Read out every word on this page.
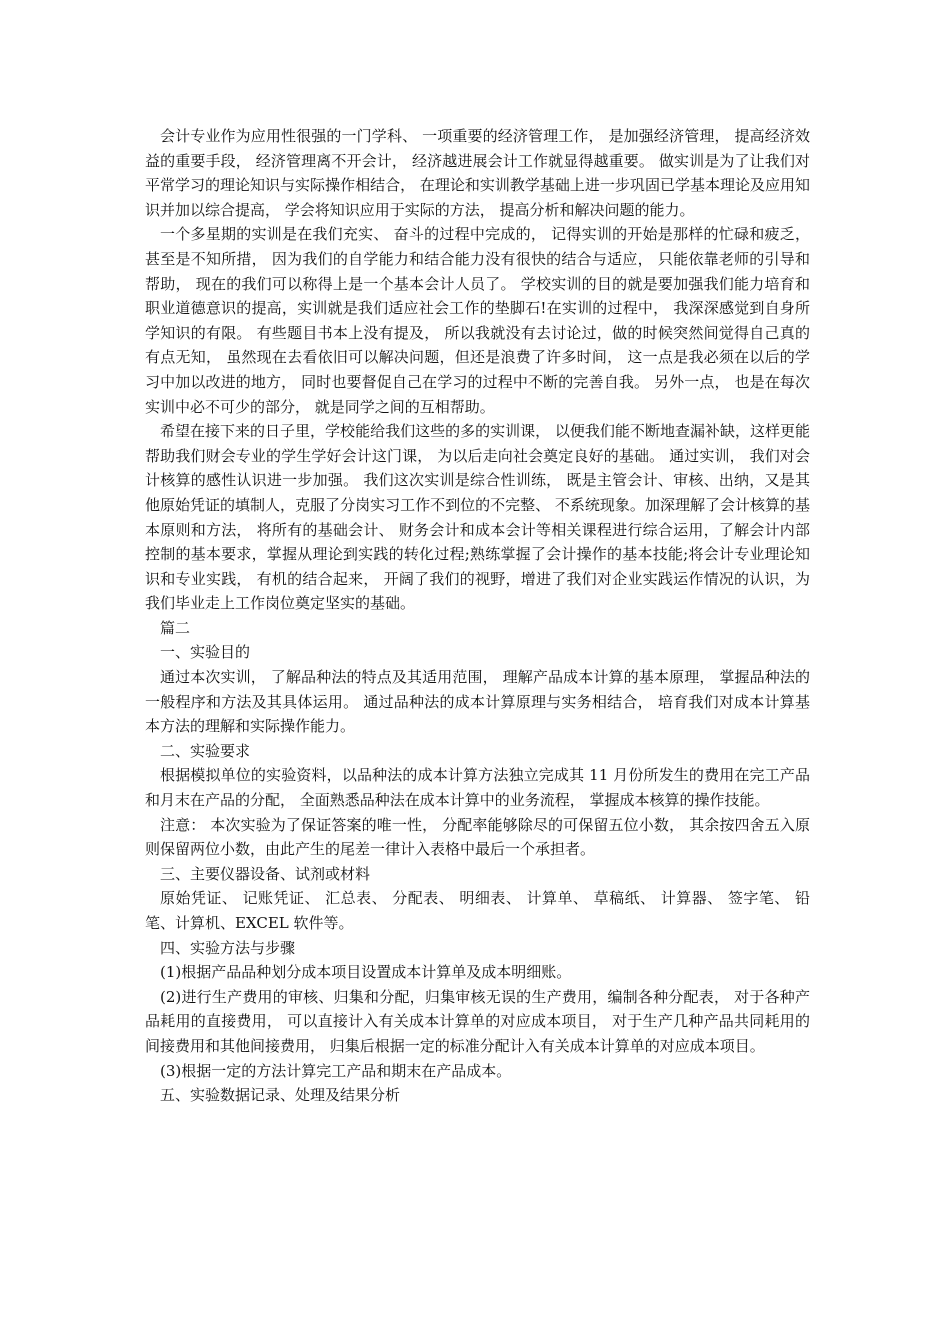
会计专业作为应用性很强的一门学科、 一项重要的经济管理工作， 是加强经济管理， 提高经济效益的重要手段， 经济管理离不开会计， 经济越进展会计工作就显得越重要。 做实训是为了让我们对平常学习的理论知识与实际操作相结合， 在理论和实训教学基础上进一步巩固已学基本理论及应用知识并加以综合提高， 学会将知识应用于实际的方法， 提高分析和解决问题的能力。

一个多星期的实训是在我们充实、 奋斗的过程中完成的， 记得实训的开始是那样的忙碌和疲乏， 甚至是不知所措， 因为我们的自学能力和结合能力没有很快的结合与适应， 只能依靠老师的引导和帮助， 现在的我们可以称得上是一个基本会计人员了。 学校实训的目的就是要加强我们能力培育和职业道德意识的提高，实训就是我们适应社会工作的垫脚石!在实训的过程中， 我深深感觉到自身所学知识的有限。 有些题目书本上没有提及， 所以我就没有去讨论过，做的时候突然间觉得自己真的有点无知， 虽然现在去看依旧可以解决问题，但还是浪费了许多时间， 这一点是我必须在以后的学习中加以改进的地方， 同时也要督促自己在学习的过程中不断的完善自我。 另外一点， 也是在每次实训中必不可少的部分， 就是同学之间的互相帮助。

希望在接下来的日子里，学校能给我们这些的多的实训课， 以便我们能不断地查漏补缺，这样更能帮助我们财会专业的学生学好会计这门课， 为以后走向社会奠定良好的基础。 通过实训， 我们对会计核算的感性认识进一步加强。 我们这次实训是综合性训练， 既是主管会计、审核、出纳，又是其他原始凭证的填制人，克服了分岗实习工作不到位的不完整、 不系统现象。加深理解了会计核算的基本原则和方法， 将所有的基础会计、 财务会计和成本会计等相关课程进行综合运用，了解会计内部控制的基本要求，掌握从理论到实践的转化过程;熟练掌握了会计操作的基本技能;将会计专业理论知识和专业实践， 有机的结合起来， 开阔了我们的视野，增进了我们对企业实践运作情况的认识，为我们毕业走上工作岗位奠定坚实的基础。

篇二

一、实验目的

通过本次实训， 了解品种法的特点及其适用范围， 理解产品成本计算的基本原理， 掌握品种法的一般程序和方法及其具体运用。 通过品种法的成本计算原理与实务相结合， 培育我们对成本计算基本方法的理解和实际操作能力。

二、实验要求

根据模拟单位的实验资料，以品种法的成本计算方法独立完成其 11 月份所发生的费用在完工产品和月末在产品的分配， 全面熟悉品种法在成本计算中的业务流程， 掌握成本核算的操作技能。

注意： 本次实验为了保证答案的唯一性， 分配率能够除尽的可保留五位小数， 其余按四舍五入原则保留两位小数，由此产生的尾差一律计入表格中最后一个承担者。

三、主要仪器设备、试剂或材料

原始凭证、 记账凭证、 汇总表、 分配表、 明细表、 计算单、 草稿纸、 计算器、 签字笔、 铅笔、计算机、EXCEL 软件等。

四、实验方法与步骤

(1)根据产品品种划分成本项目设置成本计算单及成本明细账。

(2)进行生产费用的审核、归集和分配，归集审核无误的生产费用，编制各种分配表， 对于各种产品耗用的直接费用， 可以直接计入有关成本计算单的对应成本项目， 对于生产几种产品共同耗用的间接费用和其他间接费用， 归集后根据一定的标准分配计入有关成本计算单的对应成本项目。

(3)根据一定的方法计算完工产品和期末在产品成本。

五、实验数据记录、处理及结果分析
